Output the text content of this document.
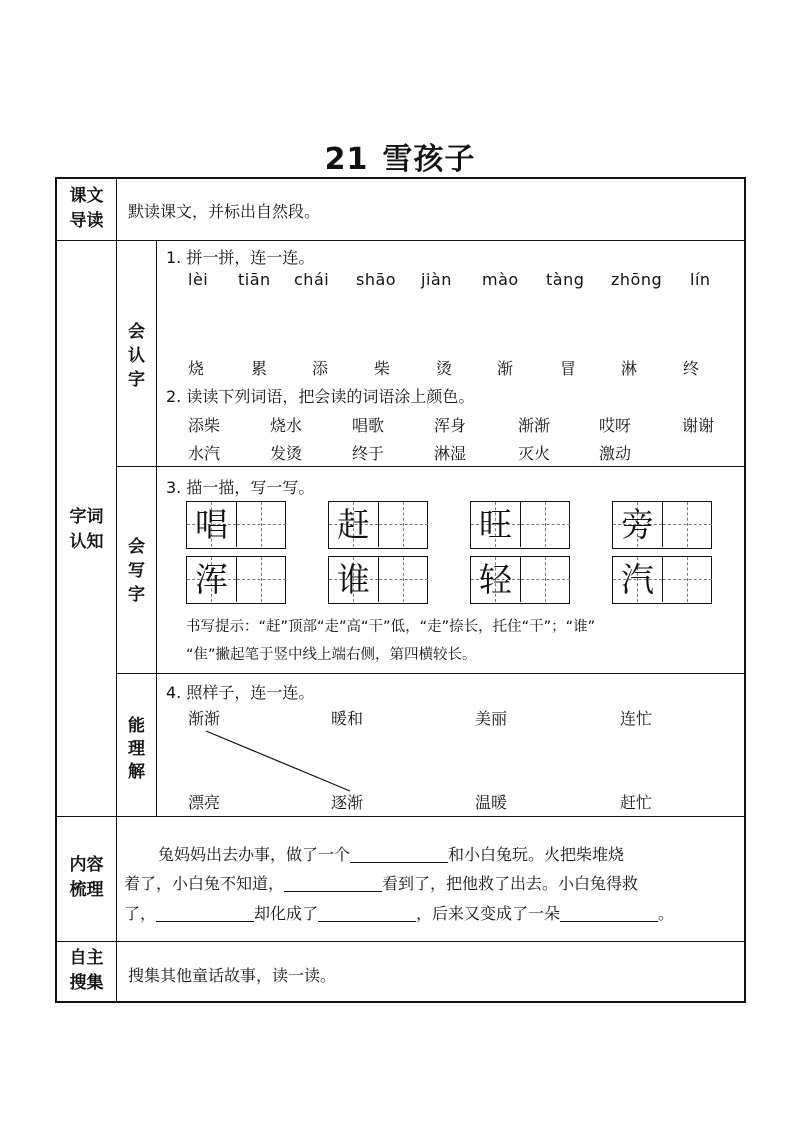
21 雪孩子
课文
导读	默读课文，并标出自然段。
字词
认知
会
认
字
1. 拼一拼，连一连。
lèi tiān chái shāo jiàn mào tàng zhōng lín
烧	累	添	柴	烫	渐	冒	淋	终
2. 读读下列词语，把会读的词语涂上颜色。
添柴	烧水	唱歌	浑身	渐渐	哎呀	谢谢
水汽	发烫	终于	淋湿	灭火	激动
会
写
字
3. 描一描，写一写。
唱	赶	旺	旁
浑	谁	轻	汽
书写提示：“赶”顶部“走”高“干”低，“走”捺长，托住“干”；“谁”
“隹”撇起笔于竖中线上端右侧，第四横较长。
能
理
解
4. 照样子，连一连。
渐渐	暖和	美丽	连忙
漂亮	逐渐	温暖	赶忙
内容
梳理
兔妈妈出去办事，做了一个	和小白兔玩。火把柴堆烧
着了，小白兔不知道，	看到了，把他救了出去。小白兔得救
了，	却化成了	，后来又变成了一朵	。
自主
搜集	搜集其他童话故事，读一读。
